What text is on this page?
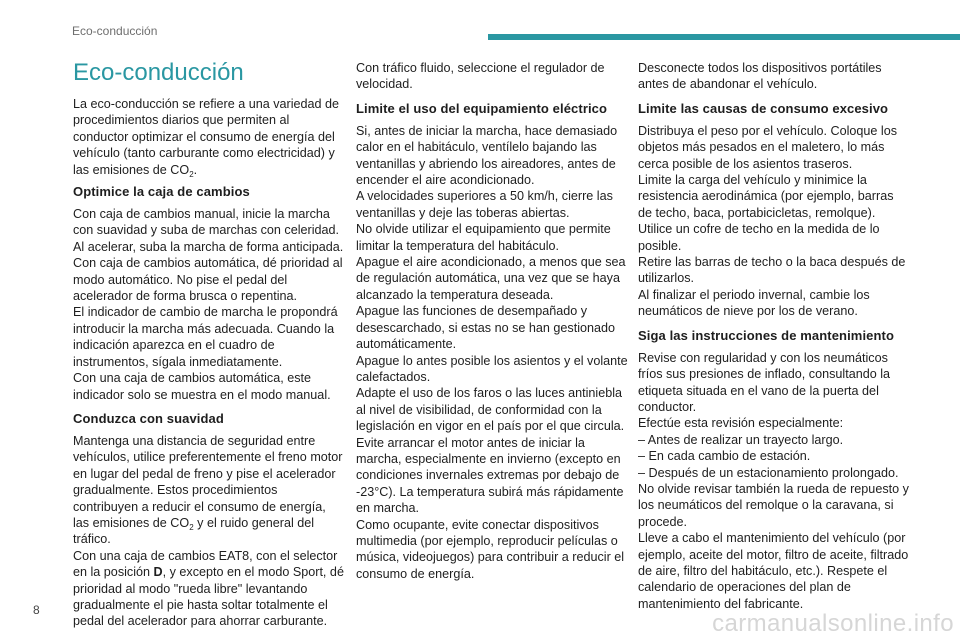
Eco-conducción
Eco-conducción

La eco-conducción se refiere a una variedad de procedimientos diarios que permiten al conductor optimizar el consumo de energía del vehículo (tanto carburante como electricidad) y las emisiones de $CO_2$.

Optimice la caja de cambios

Con caja de cambios manual, inicie la marcha con suavidad y suba de marchas con celeridad. Al acelerar, suba la marcha de forma anticipada.

Con caja de cambios automática, dé prioridad al modo automático. No pise el pedal del acelerador de forma brusca o repentina.

El indicador de cambio de marcha le propondrá introducir la marcha más adecuada. Cuando la indicación aparezca en el cuadro de instrumentos, sígala inmediatamente.

Con una caja de cambios automática, este indicador solo se muestra en el modo manual.

Conduzca con suavidad

Mantenga una distancia de seguridad entre vehículos, utilice preferentemente el freno motor en lugar del pedal de freno y pise el acelerador gradualmente. Estos procedimientos contribuyen a reducir el consumo de energía, las emisiones de $CO_2$ y el ruido general del tráfico.

Con una caja de cambios EAT8, con el selector en la posición D, y excepto en el modo Sport, dé prioridad al modo "rueda libre" levantando gradualmente el pie hasta soltar totalmente el pedal del acelerador para ahorrar carburante.

Con tráfico fluido, seleccione el regulador de velocidad.

Limite el uso del equipamiento eléctrico

Si, antes de iniciar la marcha, hace demasiado calor en el habitáculo, ventílelo bajando las ventanillas y abriendo los aireadores, antes de encender el aire acondicionado.

A velocidades superiores a 50 km/h, cierre las ventanillas y deje las toberas abiertas.

No olvide utilizar el equipamiento que permite limitar la temperatura del habitáculo.

Apague el aire acondicionado, a menos que sea de regulación automática, una vez que se haya alcanzado la temperatura deseada.

Apague las funciones de desempañado y desescarchado, si estas no se han gestionado automáticamente.

Apague lo antes posible los asientos y el volante calefactados.

Adapte el uso de los faros o las luces antiniebla al nivel de visibilidad, de conformidad con la legislación en vigor en el país por el que circula.

Evite arrancar el motor antes de iniciar la marcha, especialmente en invierno (excepto en condiciones invernales extremas por debajo de -23°C). La temperatura subirá más rápidamente en marcha.

Como ocupante, evite conectar dispositivos multimedia (por ejemplo, reproducir películas o música, videojuegos) para contribuir a reducir el consumo de energía.

Desconecte todos los dispositivos portátiles antes de abandonar el vehículo.

Limite las causas de consumo excesivo

Distribuya el peso por el vehículo. Coloque los objetos más pesados en el maletero, lo más cerca posible de los asientos traseros.

Limite la carga del vehículo y minimice la resistencia aerodinámica (por ejemplo, barras de techo, baca, portabicicletas, remolque). Utilice un cofre de techo en la medida de lo posible.

Retire las barras de techo o la baca después de utilizarlos.

Al finalizar el periodo invernal, cambie los neumáticos de nieve por los de verano.

Siga las instrucciones de mantenimiento

Revise con regularidad y con los neumáticos fríos sus presiones de inflado, consultando la etiqueta situada en el vano de la puerta del conductor.

Efectúe esta revisión especialmente:

– Antes de realizar un trayecto largo.

– En cada cambio de estación.

– Después de un estacionamiento prolongado.

No olvide revisar también la rueda de repuesto y los neumáticos del remolque o la caravana, si procede.

Lleve a cabo el mantenimiento del vehículo (por ejemplo, aceite del motor, filtro de aceite, filtrado de aire, filtro del habitáculo, etc.). Respete el calendario de operaciones del plan de mantenimiento del fabricante.

8	carmanualsonline.info
